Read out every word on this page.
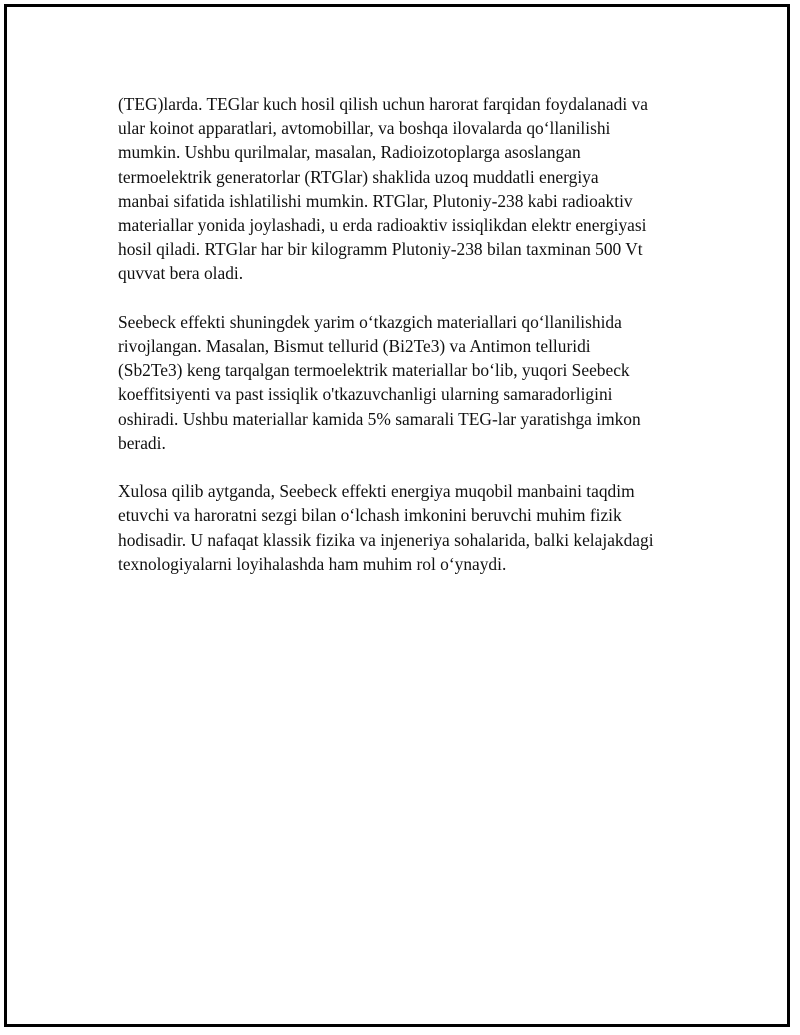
(TEG)larda. TEGlar kuch hosil qilish uchun harorat farqidan foydalanadi va
ular koinot apparatlari, avtomobillar, va boshqa ilovalarda qo‘llanilishi
mumkin. Ushbu qurilmalar, masalan, Radioizotoplarga asoslangan
termoelektrik generatorlar (RTGlar) shaklida uzoq muddatli energiya
manbai sifatida ishlatilishi mumkin. RTGlar, Plutoniy-238 kabi radioaktiv
materiallar yonida joylashadi, u erda radioaktiv issiqlikdan elektr energiyasi
hosil qiladi. RTGlar har bir kilogramm Plutoniy-238 bilan taxminan 500 Vt
quvvat bera oladi.

Seebeck effekti shuningdek yarim o‘tkazgich materiallari qo‘llanilishida
rivojlangan. Masalan, Bismut tellurid (Bi2Te3) va Antimon telluridi
(Sb2Te3) keng tarqalgan termoelektrik materiallar bo‘lib, yuqori Seebeck
koeffitsiyenti va past issiqlik o'tkazuvchanligi ularning samaradorligini
oshiradi. Ushbu materiallar kamida 5% samarali TEG-lar yaratishga imkon
beradi.

Xulosa qilib aytganda, Seebeck effekti energiya muqobil manbaini taqdim
etuvchi va haroratni sezgi bilan o‘lchash imkonini beruvchi muhim fizik
hodisadir. U nafaqat klassik fizika va injeneriya sohalarida, balki kelajakdagi
texnologiyalarni loyihalashda ham muhim rol o‘ynaydi.
